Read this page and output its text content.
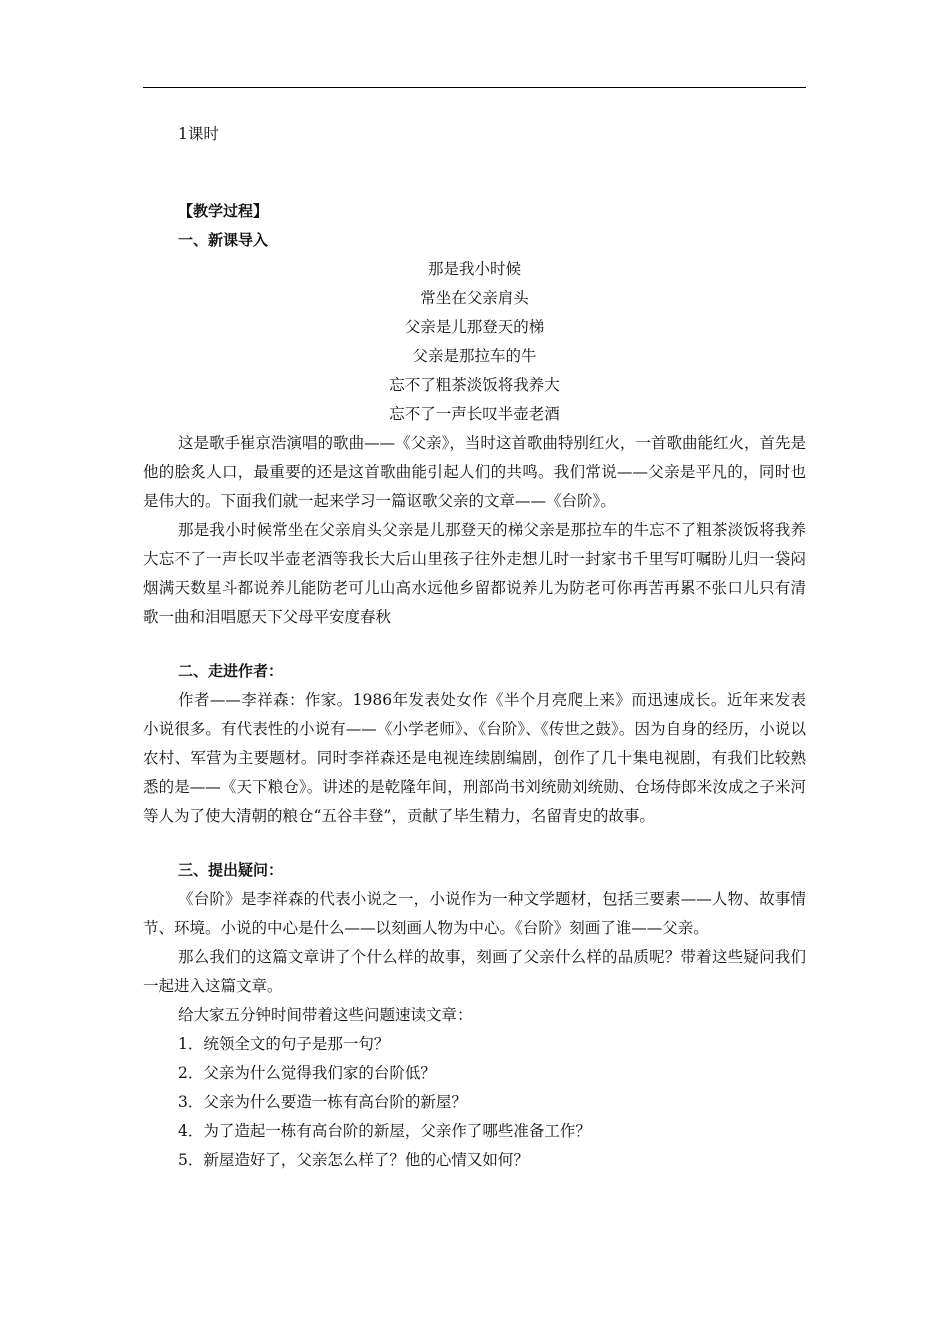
1课时

【教学过程】

一、新课导入

那是我小时候

常坐在父亲肩头

父亲是儿那登天的梯

父亲是那拉车的牛

忘不了粗茶淡饭将我养大

忘不了一声长叹半壶老酒

这是歌手崔京浩演唱的歌曲——《父亲》，当时这首歌曲特别红火，一首歌曲能红火，首先是他的脍炙人口，最重要的还是这首歌曲能引起人们的共鸣。我们常说——父亲是平凡的，同时也是伟大的。下面我们就一起来学习一篇讴歌父亲的文章——《台阶》。

那是我小时候常坐在父亲肩头父亲是儿那登天的梯父亲是那拉车的牛忘不了粗茶淡饭将我养大忘不了一声长叹半壶老酒等我长大后山里孩子往外走想儿时一封家书千里写叮嘱盼儿归一袋闷烟满天数星斗都说养儿能防老可儿山高水远他乡留都说养儿为防老可你再苦再累不张口儿只有清歌一曲和泪唱愿天下父母平安度春秋

二、走进作者：

作者——李祥森：作家。1986年发表处女作《半个月亮爬上来》而迅速成长。近年来发表小说很多。有代表性的小说有——《小学老师》、《台阶》、《传世之鼓》。因为自身的经历，小说以农村、军营为主要题材。同时李祥森还是电视连续剧编剧，创作了几十集电视剧，有我们比较熟悉的是——《天下粮仓》。讲述的是乾隆年间，刑部尚书刘统勋刘统勋、仓场侍郎米汝成之子米河等人为了使大清朝的粮仓“五谷丰登”，贡献了毕生精力，名留青史的故事。

三、提出疑问：

《台阶》是李祥森的代表小说之一，小说作为一种文学题材，包括三要素——人物、故事情节、环境。小说的中心是什么——以刻画人物为中心。《台阶》刻画了谁——父亲。

那么我们的这篇文章讲了个什么样的故事，刻画了父亲什么样的品质呢？带着这些疑问我们一起进入这篇文章。

给大家五分钟时间带着这些问题速读文章：

1．统领全文的句子是那一句？

2．父亲为什么觉得我们家的台阶低？

3．父亲为什么要造一栋有高台阶的新屋？

4．为了造起一栋有高台阶的新屋，父亲作了哪些准备工作？

5．新屋造好了，父亲怎么样了？他的心情又如何？
